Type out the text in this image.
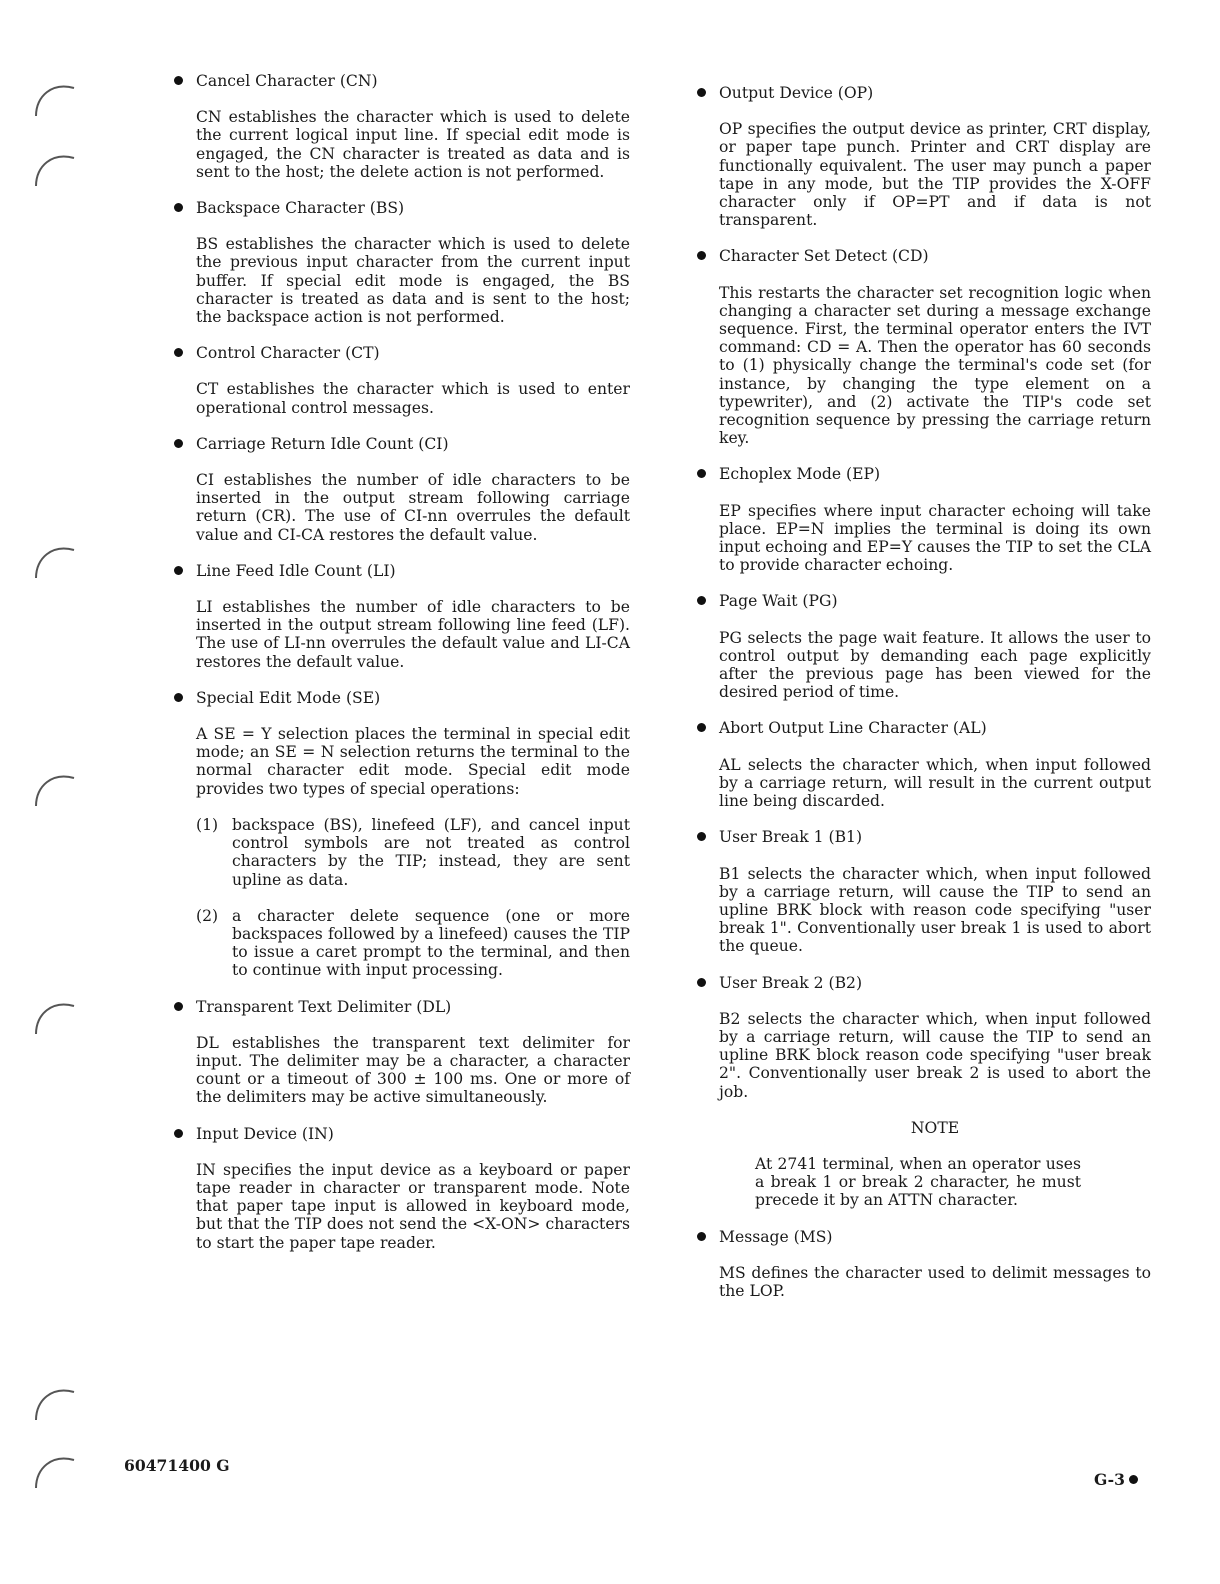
Cancel Character (CN)

CN establishes the character which is used to delete the current logical input line. If special edit mode is engaged, the CN character is treated as data and is sent to the host; the delete action is not performed.

Backspace Character (BS)

BS establishes the character which is used to delete the previous input character from the current input buffer. If special edit mode is engaged, the BS character is treated as data and is sent to the host; the backspace action is not performed.

Control Character (CT)

CT establishes the character which is used to enter operational control messages.

Carriage Return Idle Count (CI)

CI establishes the number of idle characters to be inserted in the output stream following carriage return (CR). The use of CI-nn overrules the default value and CI-CA restores the default value.

Line Feed Idle Count (LI)

LI establishes the number of idle characters to be inserted in the output stream following line feed (LF). The use of LI-nn overrules the default value and LI-CA restores the default value.

Special Edit Mode (SE)

A SE = Y selection places the terminal in special edit mode; an SE = N selection returns the terminal to the normal character edit mode. Special edit mode provides two types of special operations:

(1) backspace (BS), linefeed (LF), and cancel input control symbols are not treated as control characters by the TIP; instead, they are sent upline as data.

(2) a character delete sequence (one or more backspaces followed by a linefeed) causes the TIP to issue a caret prompt to the terminal, and then to continue with input processing.

Transparent Text Delimiter (DL)

DL establishes the transparent text delimiter for input. The delimiter may be a character, a character count or a timeout of 300 ± 100 ms. One or more of the delimiters may be active simultaneously.

Input Device (IN)

IN specifies the input device as a keyboard or paper tape reader in character or transparent mode. Note that paper tape input is allowed in keyboard mode, but that the TIP does not send the <X-ON> characters to start the paper tape reader.

Output Device (OP)

OP specifies the output device as printer, CRT display, or paper tape punch. Printer and CRT display are functionally equivalent. The user may punch a paper tape in any mode, but the TIP provides the X-OFF character only if OP=PT and if data is not transparent.

Character Set Detect (CD)

This restarts the character set recognition logic when changing a character set during a message exchange sequence. First, the terminal operator enters the IVT command: CD = A. Then the operator has 60 seconds to (1) physically change the terminal's code set (for instance, by changing the type element on a typewriter), and (2) activate the TIP's code set recognition sequence by pressing the carriage return key.

Echoplex Mode (EP)

EP specifies where input character echoing will take place. EP=N implies the terminal is doing its own input echoing and EP=Y causes the TIP to set the CLA to provide character echoing.

Page Wait (PG)

PG selects the page wait feature. It allows the user to control output by demanding each page explicitly after the previous page has been viewed for the desired period of time.

Abort Output Line Character (AL)

AL selects the character which, when input followed by a carriage return, will result in the current output line being discarded.

User Break 1 (B1)

B1 selects the character which, when input followed by a carriage return, will cause the TIP to send an upline BRK block with reason code specifying "user break 1". Conventionally user break 1 is used to abort the queue.

User Break 2 (B2)

B2 selects the character which, when input followed by a carriage return, will cause the TIP to send an upline BRK block reason code specifying "user break 2". Conventionally user break 2 is used to abort the job.

NOTE

At 2741 terminal, when an operator uses a break 1 or break 2 character, he must precede it by an ATTN character.

Message (MS)

MS defines the character used to delimit messages to the LOP.

60471400 G
G-3
